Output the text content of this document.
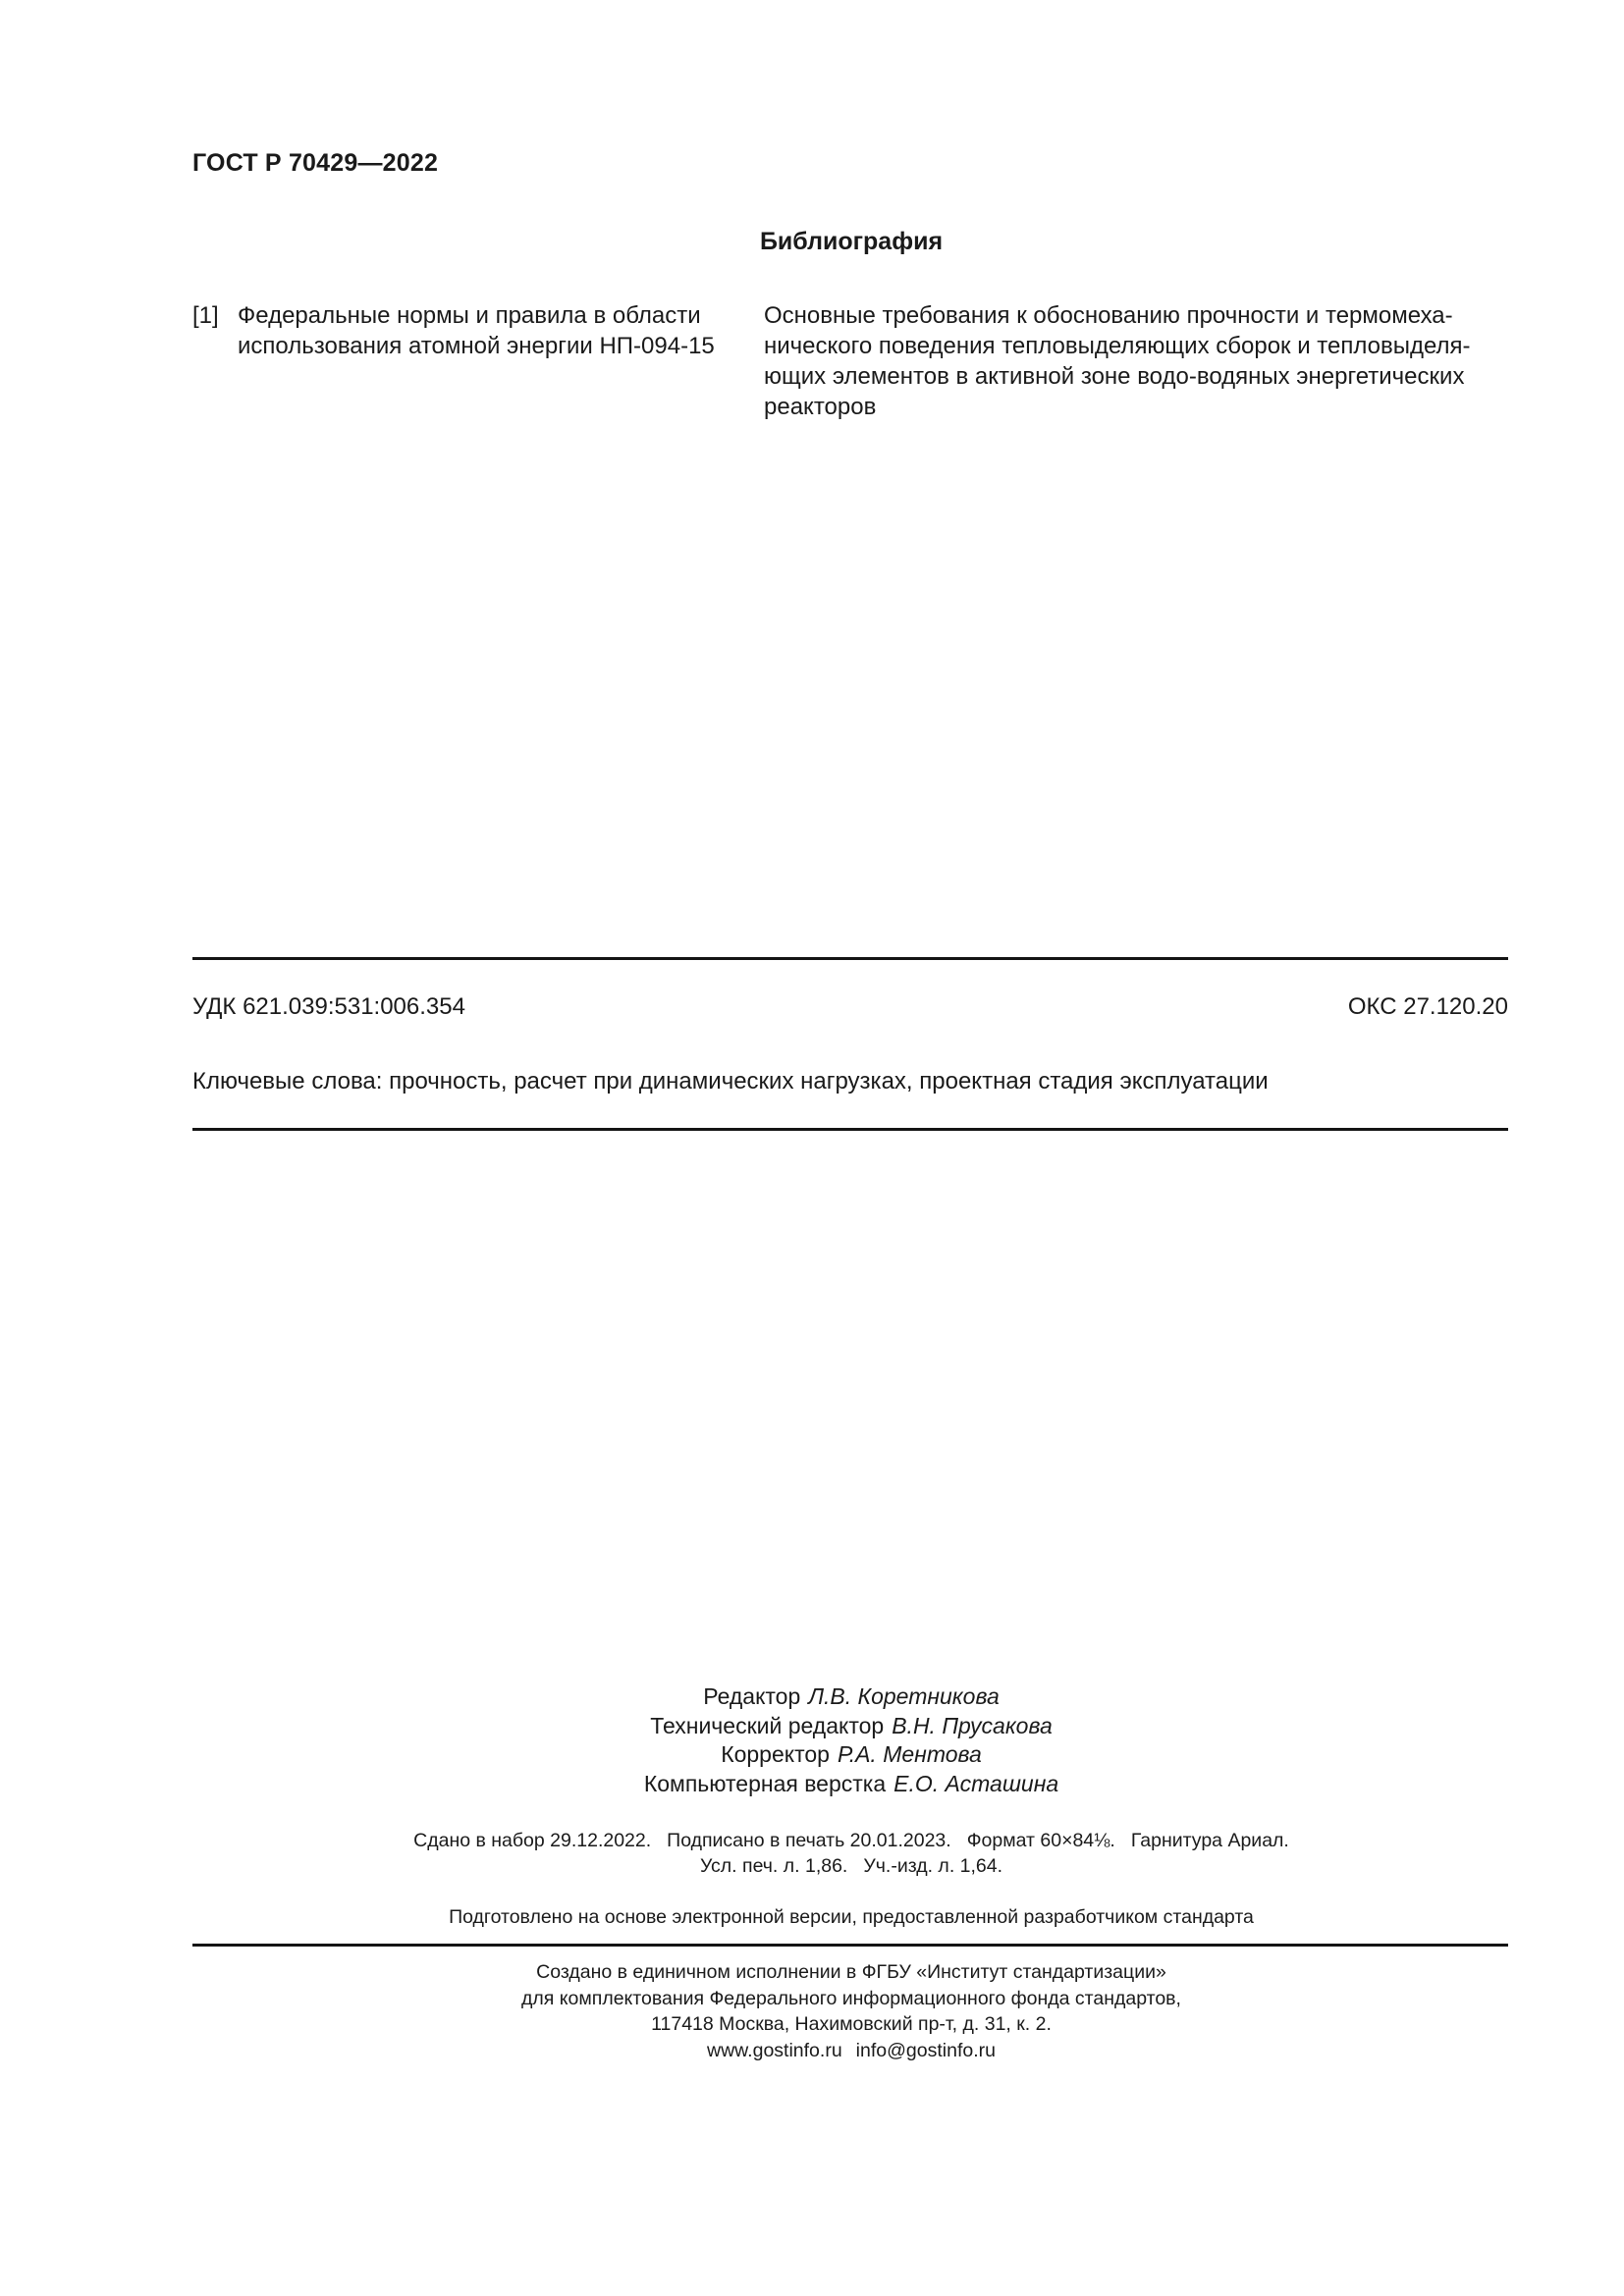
ГОСТ Р 70429—2022
Библиография
[1] Федеральные нормы и правила в области
использования атомной энергии НП-094-15
Основные требования к обоснованию прочности и термомеха-
нического поведения тепловыделяющих сборок и тепловыделя-
ющих элементов в активной зоне водо-водяных энергетических
реакторов
УДК 621.039:531:006.354	ОКС 27.120.20
Ключевые слова: прочность, расчет при динамических нагрузках, проектная стадия эксплуатации
Редактор Л.В. Коретникова
Технический редактор В.Н. Прусакова
Корректор Р.А. Ментова
Компьютерная верстка Е.О. Асташина
Сдано в набор 29.12.2022. Подписано в печать 20.01.2023. Формат 60×84⅛. Гарнитура Ариал.
Усл. печ. л. 1,86. Уч.-изд. л. 1,64.
Подготовлено на основе электронной версии, предоставленной разработчиком стандарта
Создано в единичном исполнении в ФГБУ «Институт стандартизации»
для комплектования Федерального информационного фонда стандартов,
117418 Москва, Нахимовский пр-т, д. 31, к. 2.
www.gostinfo.ru info@gostinfo.ru
